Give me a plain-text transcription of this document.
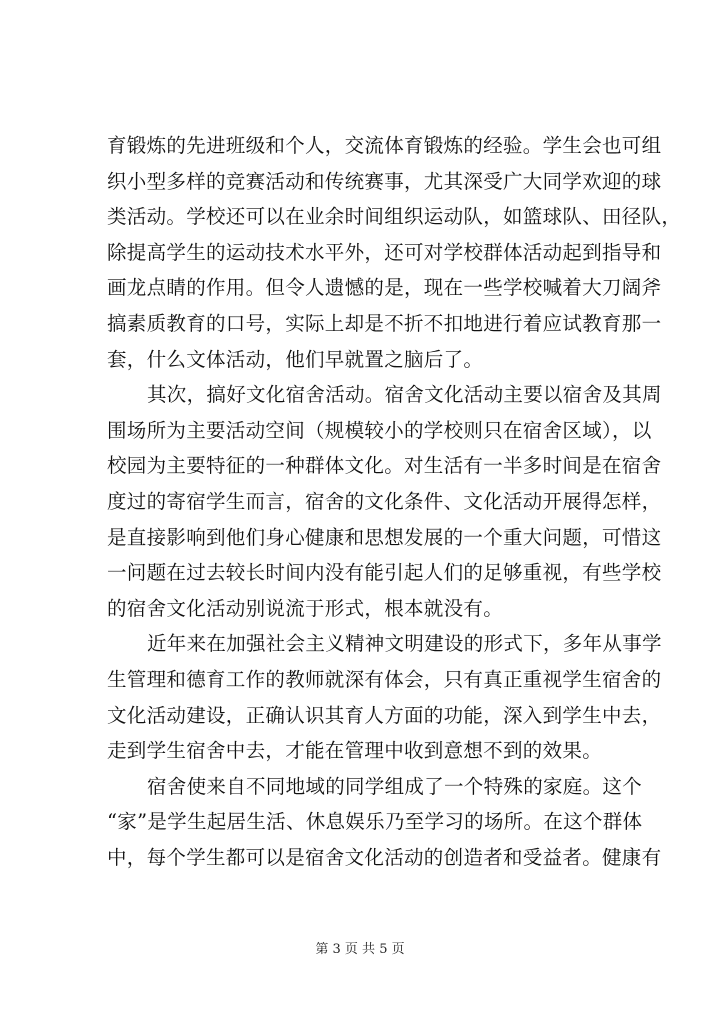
育锻炼的先进班级和个人，交流体育锻炼的经验。学生会也可组
织小型多样的竞赛活动和传统赛事，尤其深受广大同学欢迎的球
类活动。学校还可以在业余时间组织运动队，如篮球队、田径队，
除提高学生的运动技术水平外，还可对学校群体活动起到指导和
画龙点睛的作用。但令人遗憾的是，现在一些学校喊着大刀阔斧
搞素质教育的口号，实际上却是不折不扣地进行着应试教育那一
套，什么文体活动，他们早就置之脑后了。
其次，搞好文化宿舍活动。宿舍文化活动主要以宿舍及其周
围场所为主要活动空间（规模较小的学校则只在宿舍区域），以
校园为主要特征的一种群体文化。对生活有一半多时间是在宿舍
度过的寄宿学生而言，宿舍的文化条件、文化活动开展得怎样，
是直接影响到他们身心健康和思想发展的一个重大问题，可惜这
一问题在过去较长时间内没有能引起人们的足够重视，有些学校
的宿舍文化活动别说流于形式，根本就没有。
近年来在加强社会主义精神文明建设的形式下，多年从事学
生管理和德育工作的教师就深有体会，只有真正重视学生宿舍的
文化活动建设，正确认识其育人方面的功能，深入到学生中去，
走到学生宿舍中去，才能在管理中收到意想不到的效果。
宿舍使来自不同地域的同学组成了一个特殊的家庭。这个
“家”是学生起居生活、休息娱乐乃至学习的场所。在这个群体
中，每个学生都可以是宿舍文化活动的创造者和受益者。健康有
第 3 页 共 5 页
